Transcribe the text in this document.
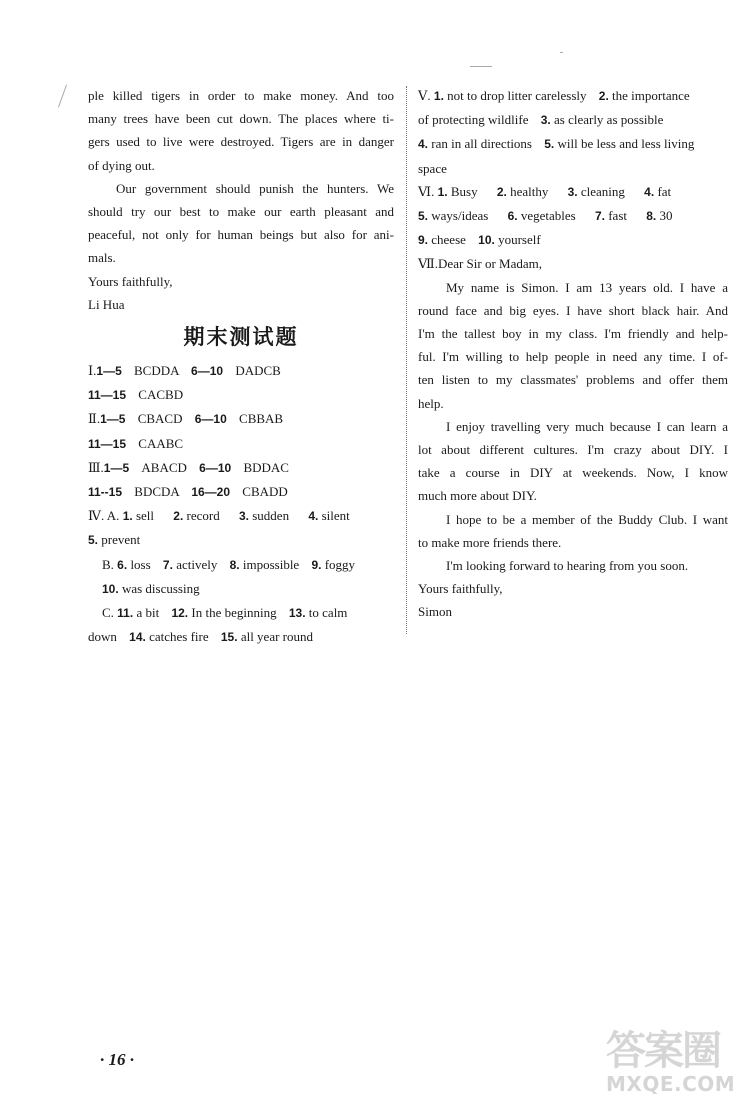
ple killed tigers in order to make money. And too
many trees have been cut down. The places where ti-
gers used to live were destroyed. Tigers are in danger
of dying out.
Our government should punish the hunters. We
should try our best to make our earth pleasant and
peaceful, not only for human beings but also for ani-
mals.
Yours faithfully,
Li Hua
期末测试题
Ⅰ.1—5 BCDDA 6—10 DADCB
11—15 CACBD
Ⅱ.1—5 CBACD 6—10 CBBAB
11—15 CAABC
Ⅲ.1—5 ABACD 6—10 BDDAC
11--15 BDCDA 16—20 CBADD
Ⅳ. A. 1. sell 2. record 3. sudden 4. silent
5. prevent
B. 6. loss 7. actively 8. impossible 9. foggy
10. was discussing
C. 11. a bit 12. In the beginning 13. to calm
down 14. catches fire 15. all year round
Ⅴ. 1. not to drop litter carelessly 2. the importance
of protecting wildlife 3. as clearly as possible
4. ran in all directions 5. will be less and less living
space
Ⅵ. 1. Busy 2. healthy 3. cleaning 4. fat
5. ways/ideas 6. vegetables 7. fast 8. 30
9. cheese 10. yourself
Ⅶ.Dear Sir or Madam,
My name is Simon. I am 13 years old. I have a
round face and big eyes. I have short black hair. And
I'm the tallest boy in my class. I'm friendly and help-
ful. I'm willing to help people in need any time. I of-
ten listen to my classmates' problems and offer them
help.
I enjoy travelling very much because I can learn a
lot about different cultures. I'm crazy about DIY. I
take a course in DIY at weekends. Now, I know
much more about DIY.
I hope to be a member of the Buddy Club. I want
to make more friends there.
I'm looking forward to hearing from you soon.
Yours faithfully,
Simon
· 16 ·	答案圈
MXQE.COM
